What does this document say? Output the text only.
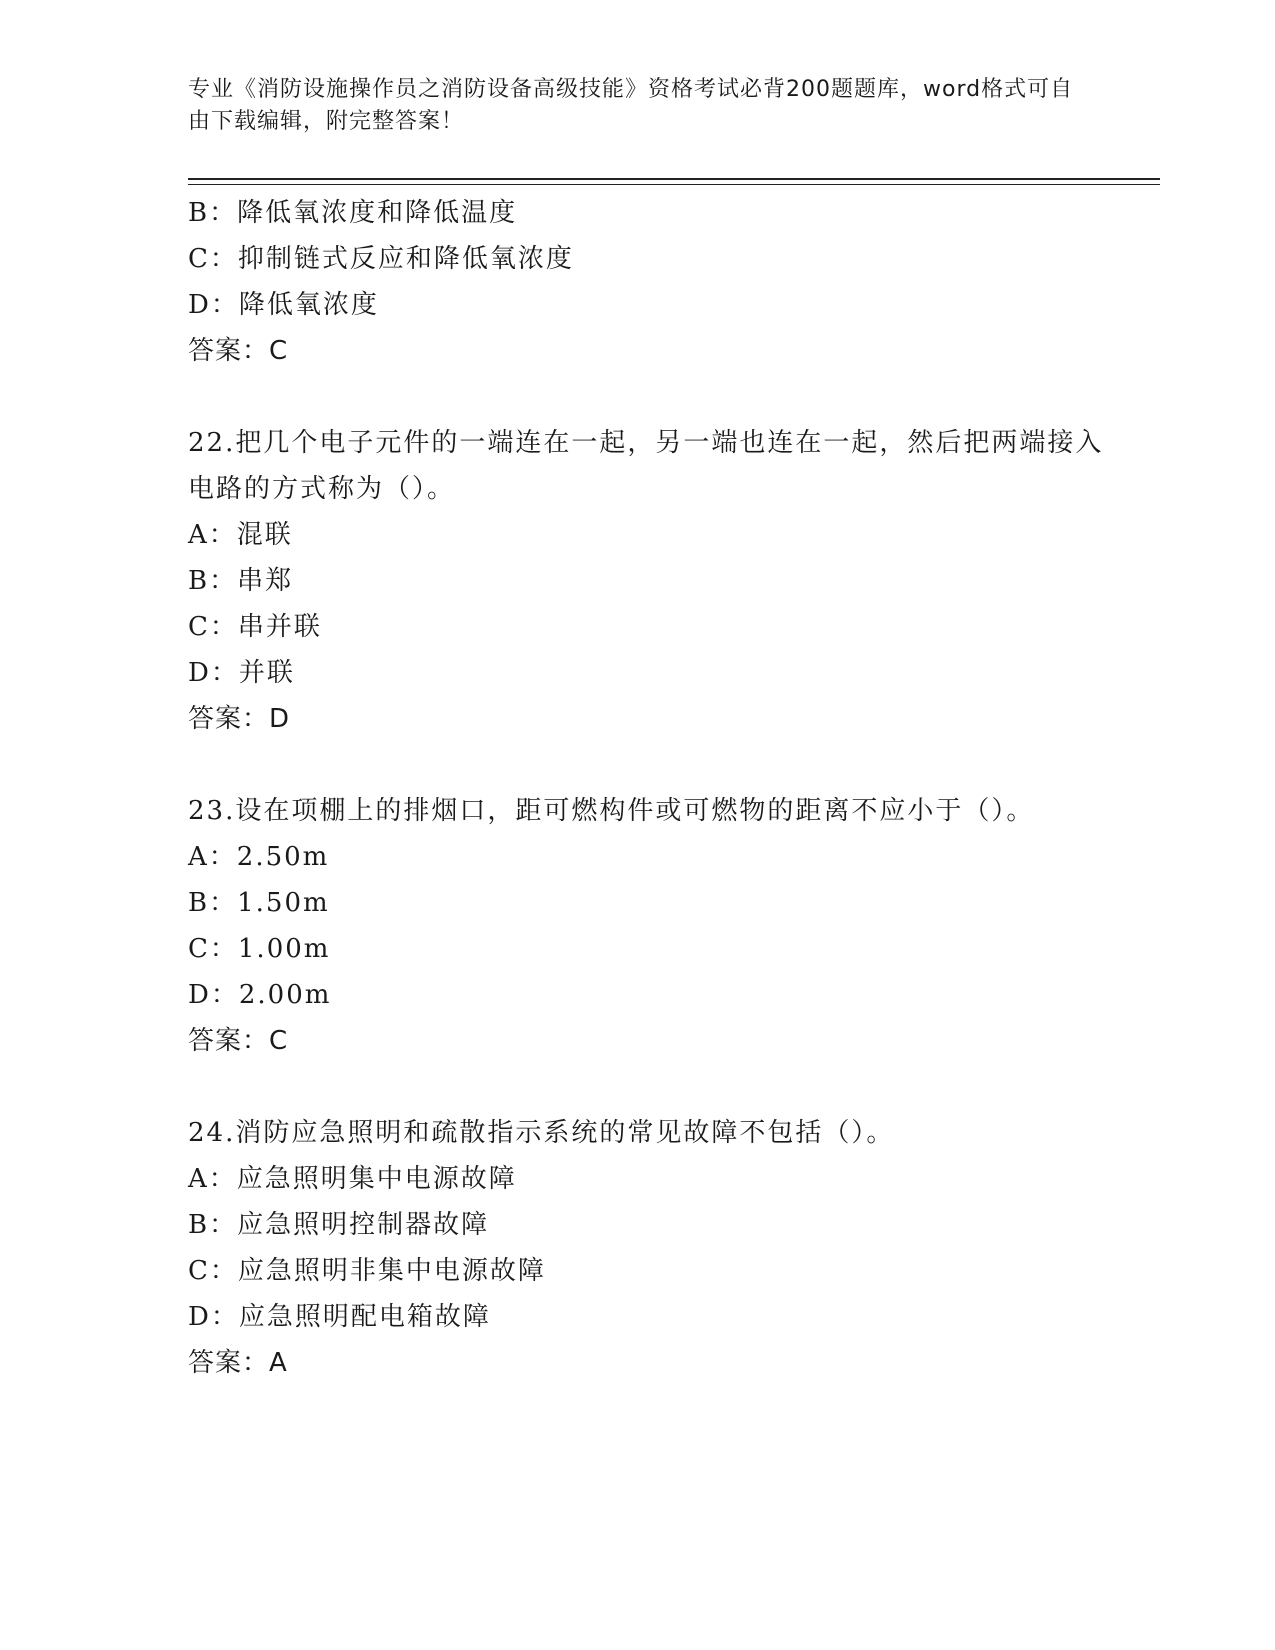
专业《消防设施操作员之消防设备高级技能》资格考试必背200题题库，word格式可自由下载编辑，附完整答案！
B：降低氧浓度和降低温度
C：抑制链式反应和降低氧浓度
D：降低氧浓度
答案：C
22.把几个电子元件的一端连在一起，另一端也连在一起，然后把两端接入电路的方式称为（）。
A：混联
B：串郑
C：串并联
D：并联
答案：D
23.设在项棚上的排烟口，距可燃构件或可燃物的距离不应小于（）。
A：2.50m
B：1.50m
C：1.00m
D：2.00m
答案：C
24.消防应急照明和疏散指示系统的常见故障不包括（）。
A：应急照明集中电源故障
B：应急照明控制器故障
C：应急照明非集中电源故障
D：应急照明配电箱故障
答案：A
